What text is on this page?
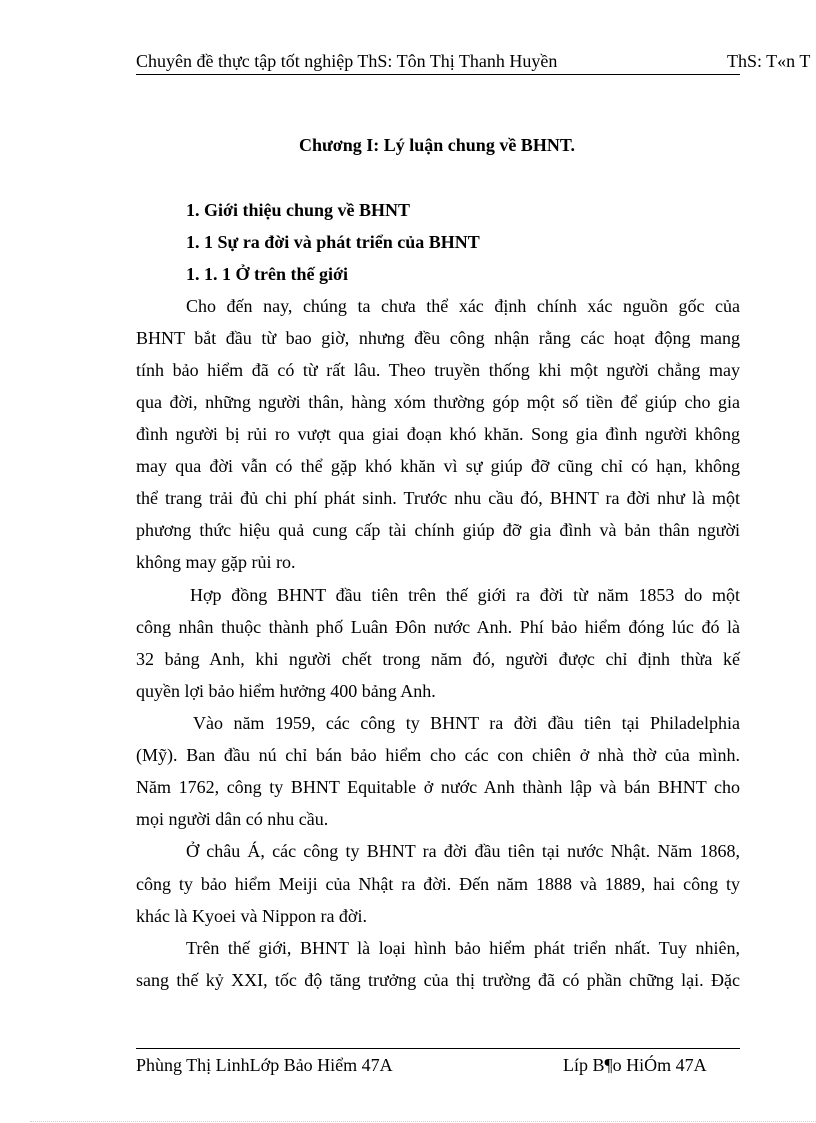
Chuyên đề thực tập tốt nghiệp ThS: Tôn Thị Thanh Huyền	ThS: T«n T
Chương I: Lý luận chung về BHNT.
1. Giới thiệu chung về BHNT
1. 1 Sự ra đời và phát triển của BHNT
1. 1. 1 Ở trên thế giới
Cho đến nay, chúng ta chưa thể xác định chính xác nguồn gốc của
BHNT bắt đầu từ bao giờ, nhưng đều công nhận rằng các hoạt động mang
tính bảo hiểm đã có từ rất lâu. Theo truyền thống khi một người chẳng may
qua đời, những người thân, hàng xóm thường góp một số tiền để giúp cho gia
đình người bị rủi ro vượt qua giai đoạn khó khăn. Song gia đình người không
may qua đời vẫn có thể gặp khó khăn vì sự giúp đỡ cũng chỉ có hạn, không
thể trang trải đủ chi phí phát sinh. Trước nhu cầu đó, BHNT ra đời như là một
phương thức hiệu quả cung cấp tài chính giúp đỡ gia đình và bản thân người
không may gặp rủi ro.
Hợp đồng BHNT đầu tiên trên thế giới ra đời từ năm 1853 do một
công nhân thuộc thành phố Luân Đôn nước Anh. Phí bảo hiểm đóng lúc đó là
32 bảng Anh, khi người chết trong năm đó, người được chỉ định thừa kế
quyền lợi bảo hiểm hưởng 400 bảng Anh.
Vào năm 1959, các công ty BHNT ra đời đầu tiên tại Philadelphia
(Mỹ). Ban đầu nú chỉ bán bảo hiểm cho các con chiên ở nhà thờ của mình.
Năm 1762, công ty BHNT Equitable ở nước Anh thành lập và bán BHNT cho
mọi người dân có nhu cầu.
Ở châu Á, các công ty BHNT ra đời đầu tiên tại nước Nhật. Năm 1868,
công ty bảo hiểm Meiji của Nhật ra đời. Đến năm 1888 và 1889, hai công ty
khác là Kyoei và Nippon ra đời.
Trên thế giới, BHNT là loại hình bảo hiểm phát triển nhất. Tuy nhiên,
sang thế kỷ XXI, tốc độ tăng trưởng của thị trường đã có phần chững lại. Đặc
Phùng Thị LinhLớp Bảo Hiểm 47A	Líp B¶o HiÓm 47A
